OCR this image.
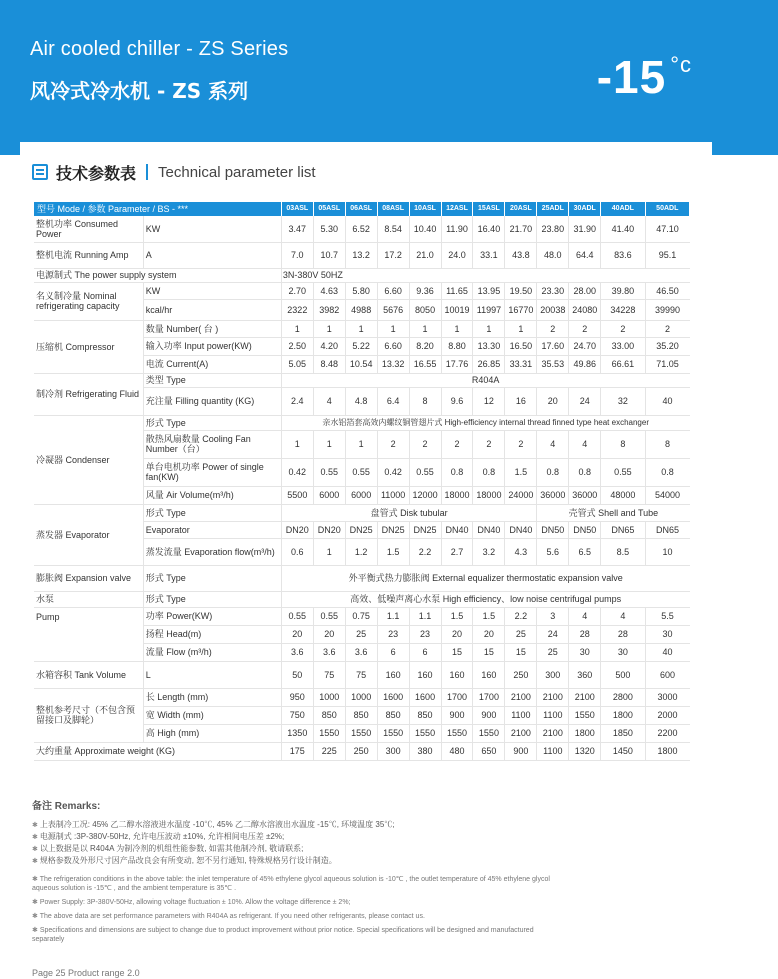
Air cooled chiller - ZS Series
风冷式冷水机 - ZS 系列	-15 $^{^\circ c}$
技术参数表 Technical parameter list
型号 Mode / 参数 Parameter / BS - ***		03ASL	05ASL	06ASL	08ASL	10ASL	12ASL	15ASL	20ASL	25ADL	30ADL	40ADL	50ADL
整机功率 Consumed Power	KW	3.47	5.30	6.52	8.54	10.40	11.90	16.40	21.70	23.80	31.90	41.40	47.10
整机电流 Running Amp	A	7.0	10.7	13.2	17.2	21.0	24.0	33.1	43.8	48.0	64.4	83.6	95.1
电源制式 The power supply system		3N-380V 50HZ											
名义制冷量 Nominal refrigerating capacity	KW	2.70	4.63	5.80	6.60	9.36	11.65	13.95	19.50	23.30	28.00	39.80	46.50
	kcal/hr	2322	3982	4988	5676	8050	10019	11997	16770	20038	24080	34228	39990
压缩机 Compressor	数量 Number( 台 )	1	1	1	1	1	1	1	1	2	2	2	2
	输入功率 Input power(KW)	2.50	4.20	5.22	6.60	8.20	8.80	13.30	16.50	17.60	24.70	33.00	35.20
	电流 Current(A)	5.05	8.48	10.54	13.32	16.55	17.76	26.85	33.31	35.53	49.86	66.61	71.05
制冷剂 Refrigerating Fluid	类型 Type	R404A											
	充注量 Filling quantity (KG)	2.4	4	4.8	6.4	8	9.6	12	16	20	24	32	40
冷凝器 Condenser	形式 Type	亲水铝箔套高效内螺纹铜管翅片式 High-efficiency internal thread finned type heat exchanger											
	散热风扇数量 Cooling Fan Number（台）	1	1	1	2	2	2	2	2	4	4	8	8
	单台电机功率 Power of single fan(KW)	0.42	0.55	0.55	0.42	0.55	0.8	0.8	1.5	0.8	0.8	0.55	0.8
	风量 Air Volume(m³/h)	5500	6000	6000	11000	12000	18000	18000	24000	36000	36000	48000	54000
蒸发器 Evaporator	形式 Type	盘管式 Disk tubular								壳管式 Shell and Tube			
	Evaporator	DN20	DN20	DN25	DN25	DN25	DN40	DN40	DN40	DN50	DN50	DN65	DN65
	蒸发流量 Evaporation flow(m³/h)	0.6	1	1.2	1.5	2.2	2.7	3.2	4.3	5.6	6.5	8.5	10
膨胀阀 Expansion valve	形式 Type	外平衡式热力膨胀阀 External equalizer thermostatic expansion valve											
水泵	形式 Type	高效、低噪声离心水泵 High efficiency、low noise centrifugal pumps											
Pump	功率 Power(KW)	0.55	0.55	0.75	1.1	1.1	1.5	1.5	2.2	3	4	4	5.5
	扬程 Head(m)	20	20	25	23	23	20	20	25	24	28	28	30
	流量 Flow (m³/h)	3.6	3.6	3.6	6	6	15	15	15	25	30	30	40
水箱容积 Tank Volume	L	50	75	75	160	160	160	160	250	300	360	500	600
整机参考尺寸（不包含预留接口及脚轮）	长 Length (mm)	950	1000	1000	1600	1600	1700	1700	2100	2100	2100	2800	3000
	宽 Width (mm)	750	850	850	850	850	900	900	1100	1100	1550	1800	2000
	高 High (mm)	1350	1550	1550	1550	1550	1550	1550	2100	2100	1800	1850	2200
大约重量 Approximate weight (KG)		175	225	250	300	380	480	650	900	1100	1320	1450	1800
备注 Remarks:
✱ 上表制冷工况: 45% 乙二醇水溶液进水温度 -10℃, 45% 乙二醇水溶液出水温度 -15℃, 环境温度 35℃;
✱ 电源制式 :3P-380V-50Hz, 允许电压波动 ±10%, 允许相间电压差 ±2%;
✱ 以上数据是以 R404A 为制冷剂的机组性能参数, 如需其他制冷剂, 敬请联系;
✱ 规格参数及外形尺寸因产品改良会有所变动, 恕不另行通知, 特殊规格另行设计制造。
✱ The refrigeration conditions in the above table: the inlet temperature of 45% ethylene glycol aqueous solution is -10℃ , the outlet temperature of 45% ethylene glycol aqueous solution is -15℃ , and the ambient temperature is 35℃ .
✱ Power Supply: 3P-380V-50Hz, allowing voltage fluctuation ± 10%. Allow the voltage difference ± 2%;
✱ The above data are set performance parameters with R404A as refrigerant. If you need other refrigerants, please contact us.
✱ Specifications and dimensions are subject to change due to product improvement without prior notice. Special specifications will be designed and manufactured separately
Page 25 Product range 2.0
